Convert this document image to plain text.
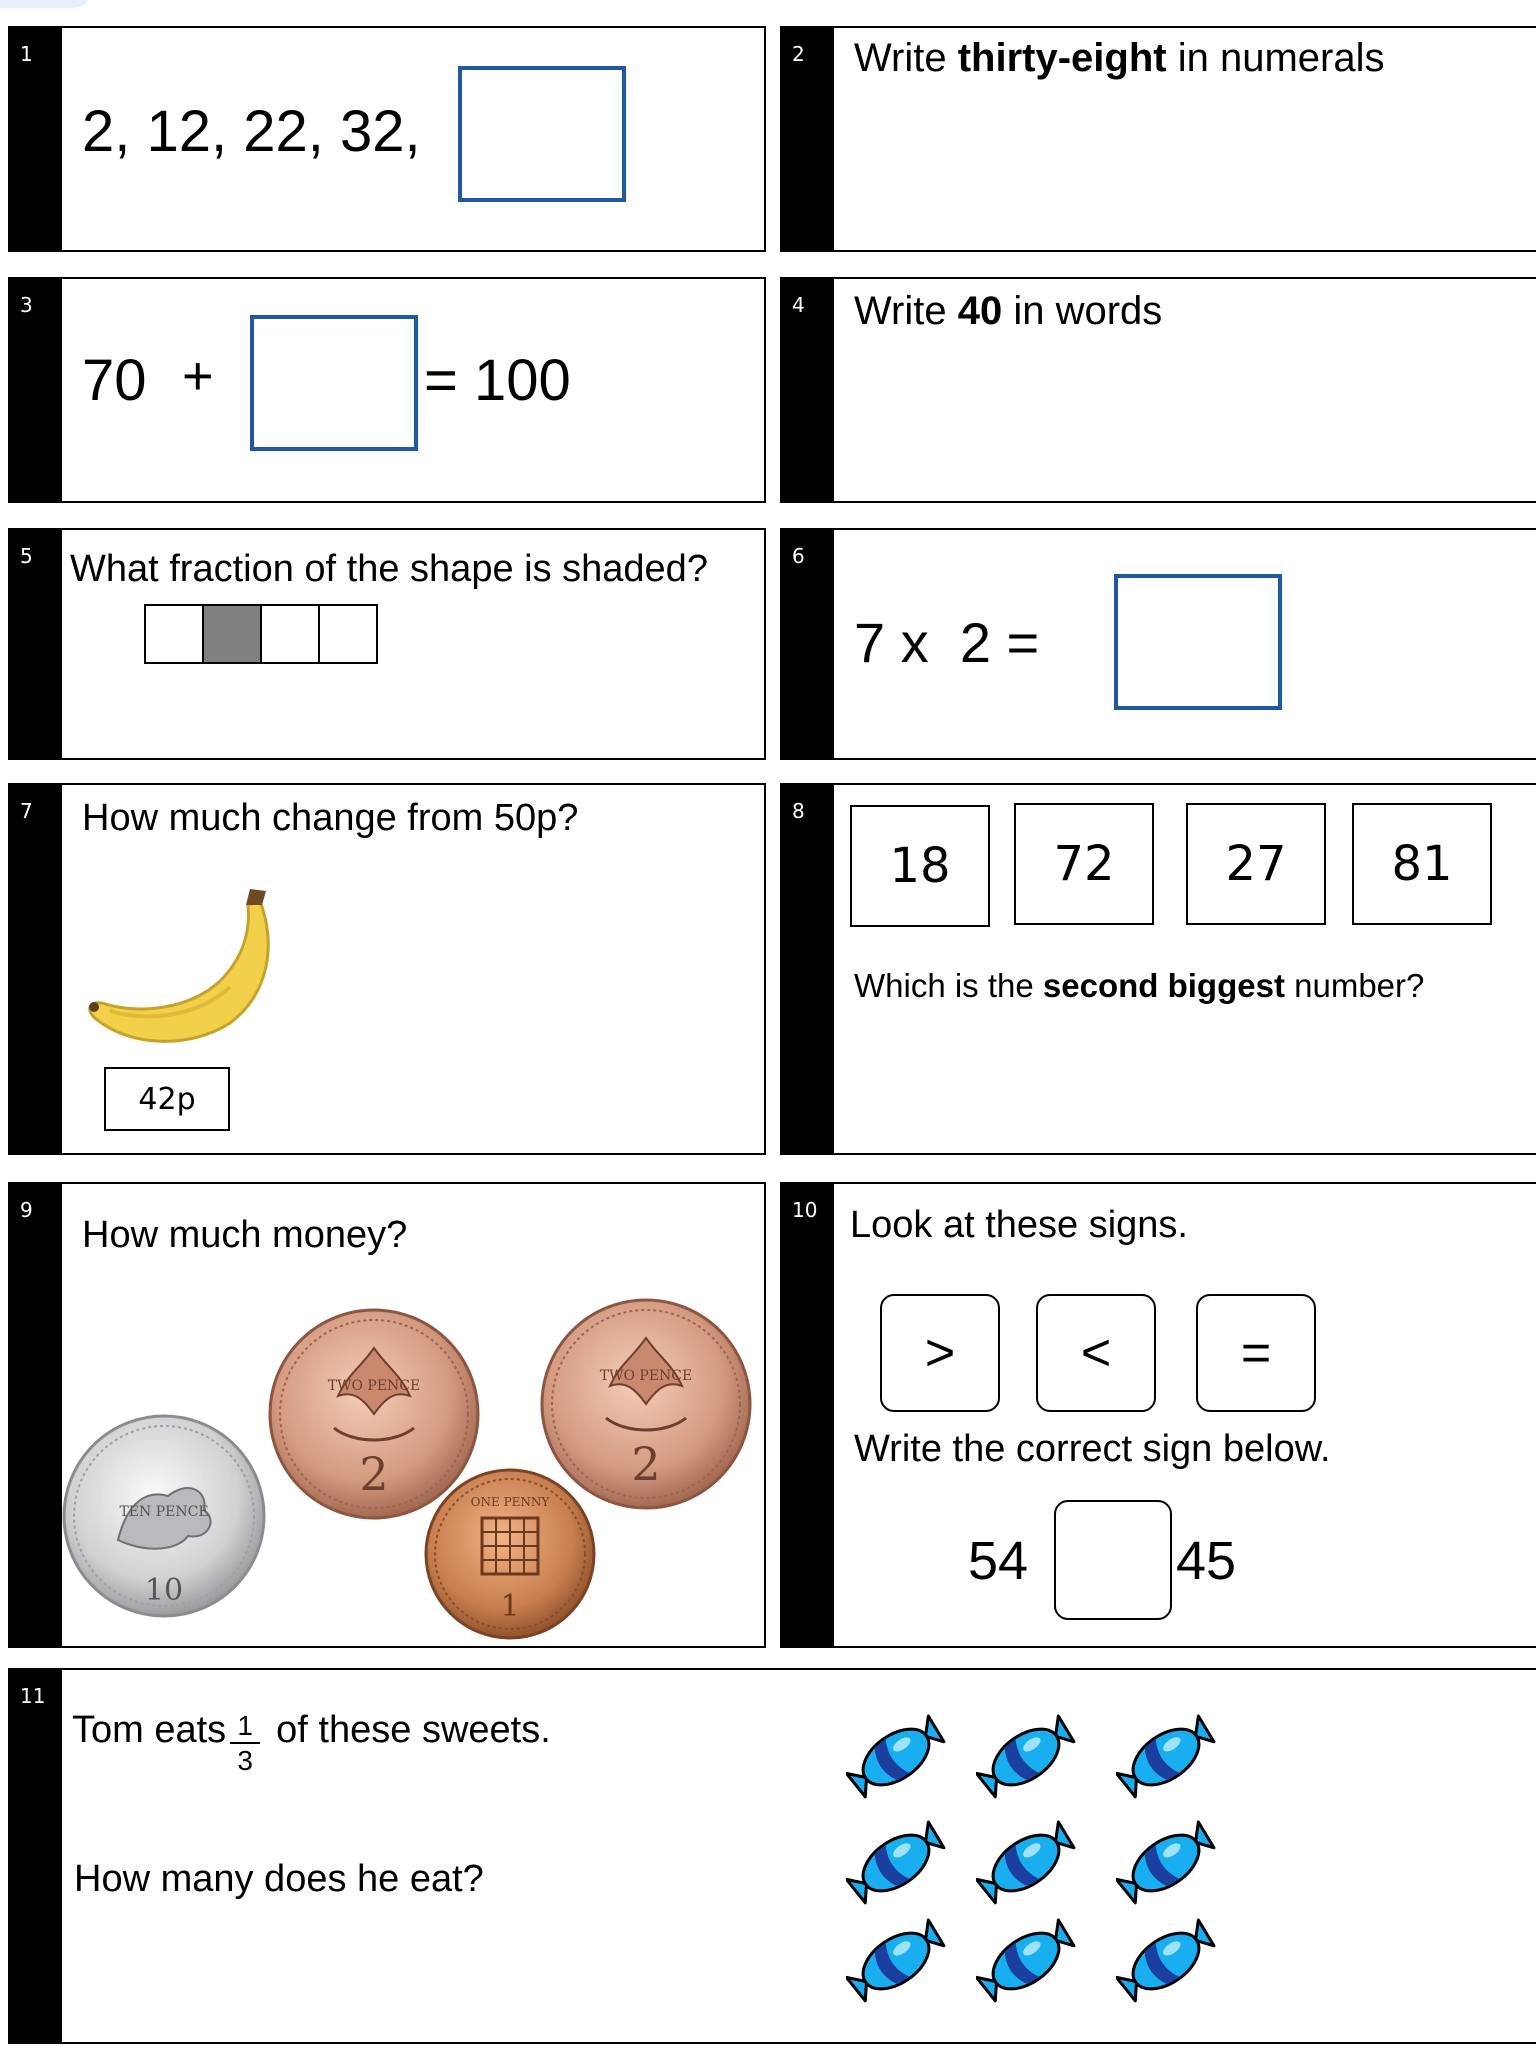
1
2, 12, 22, 32,
2 Write thirty-eight in numerals
3
70 +	= 100
4 Write 40 in words
5 What fraction of the shape is shaded?	6
7 x  2 =
7 How much change from 50p?
42p
8
18	72	27	81
Which is the second biggest number?
9
How much money?
TEN PENCE
10
TWO PENCE
2
TWO PENCE
2
ONE PENNY
1
10 Look at these signs.
>	<	=
Write the correct sign below.
54	45
11
Tom eats 1
3
of these sweets.
How many does he eat?
